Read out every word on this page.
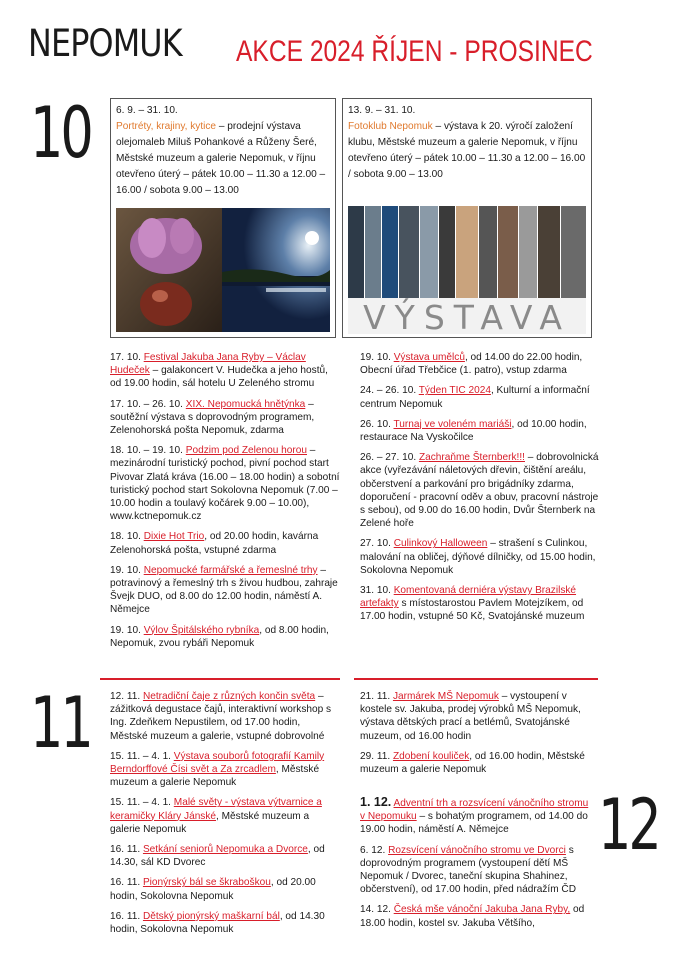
NEPOMUK AKCE 2024 ŘÍJEN - PROSINEC
10
11
12
6. 9. – 31. 10.
Portréty, krajiny, kytice – prodejní výstava olejomaleb Miluš Pohankové a Růženy Šeré, Městské muzeum a galerie Nepomuk, v říjnu otevřeno úterý – pátek 10.00 – 11.30 a 12.00 – 16.00 / sobota 9.00 – 13.00
13. 9. – 31. 10.
Fotoklub Nepomuk – výstava k 20. výročí založení klubu, Městské muzeum a galerie Nepomuk, v říjnu otevřeno úterý – pátek 10.00 – 11.30 a 12.00 – 16.00 / sobota 9.00 – 13.00
VÝSTAVA
17. 10. Festival Jakuba Jana Ryby – Václav Hudeček – galakoncert V. Hudečka a jeho hostů, od 19.00 hodin, sál hotelu U Zeleného stromu
17. 10. – 26. 10. XIX. Nepomucká hnětýnka – soutěžní výstava s doprovodným programem, Zelenohorská pošta Nepomuk, zdarma
18. 10. – 19. 10. Podzim pod Zelenou horou – mezinárodní turistický pochod, pivní pochod start Pivovar Zlatá kráva (16.00 – 18.00 hodin) a sobotní turistický pochod start Sokolovna Nepomuk (7.00 – 10.00 hodin a toulavý kočárek 9.00 – 10.00), www.kctnepomuk.cz
18. 10. Dixie Hot Trio, od 20.00 hodin, kavárna Zelenohorská pošta, vstupné zdarma
19. 10. Nepomucké farmářské a řemeslné trhy – potravinový a řemeslný trh s živou hudbou, zahraje Švejk DUO, od 8.00 do 12.00 hodin, náměstí A. Němejce
19. 10. Výlov Špitálského rybníka, od 8.00 hodin, Nepomuk, zvou rybáři Nepomuk
19. 10. Výstava umělců, od 14.00 do 22.00 hodin, Obecní úřad Třebčice (1. patro), vstup zdarma
24. – 26. 10. Týden TIC 2024, Kulturní a informační centrum Nepomuk
26. 10. Turnaj ve voleném mariáši, od 10.00 hodin, restaurace Na Vyskočilce
26. – 27. 10. Zachraňme Šternberk!!! – dobrovolnická akce (vyřezávání náletových dřevin, čištění areálu, občerstvení a parkování pro brigádníky zdarma, doporučení - pracovní oděv a obuv, pracovní nástroje s sebou), od 9.00 do 16.00 hodin, Dvůr Šternberk na Zelené hoře
27. 10. Culinkový Halloween – strašení s Culinkou, malování na obličej, dýňové dílničky, od 15.00 hodin, Sokolovna Nepomuk
31. 10. Komentovaná derniéra výstavy Brazilské artefakty s místostarostou Pavlem Motejzíkem, od 17.00 hodin, vstupné 50 Kč, Svatojánské muzeum
12. 11. Netradiční čaje z různých končin světa – zážitková degustace čajů, interaktivní workshop s Ing. Zdeňkem Nepustilem, od 17.00 hodin, Městské muzeum a galerie, vstupné dobrovolné
15. 11. – 4. 1. Výstava souborů fotografií Kamily Berndorffové Čísi svět a Za zrcadlem, Městské muzeum a galerie Nepomuk
15. 11. – 4. 1. Malé světy - výstava výtvarnice a keramičky Kláry Jánské, Městské muzeum a galerie Nepomuk
16. 11. Setkání seniorů Nepomuka a Dvorce, od 14.30, sál KD Dvorec
16. 11. Pionýrský bál se škraboškou, od 20.00 hodin, Sokolovna Nepomuk
16. 11. Dětský pionýrský maškarní bál, od 14.30 hodin, Sokolovna Nepomuk
21. 11. Jarmárek MŠ Nepomuk – vystoupení v kostele sv. Jakuba, prodej výrobků MŠ Nepomuk, výstava dětských prací a betlémů, Svatojánské muzeum, od 16.00 hodin
29. 11. Zdobení kouliček, od 16.00 hodin, Městské muzeum a galerie Nepomuk
1. 12. Adventní trh a rozsvícení vánočního stromu v Nepomuku – s bohatým programem, od 14.00 do 19.00 hodin, náměstí A. Němejce
6. 12. Rozsvícení vánočního stromu ve Dvorci s doprovodným programem (vystoupení dětí MŠ Nepomuk / Dvorec, taneční skupina Shahinez, občerstvení), od 17.00 hodin, před nádražím ČD
14. 12. Česká mše vánoční Jakuba Jana Ryby, od 18.00 hodin, kostel sv. Jakuba Většího,
